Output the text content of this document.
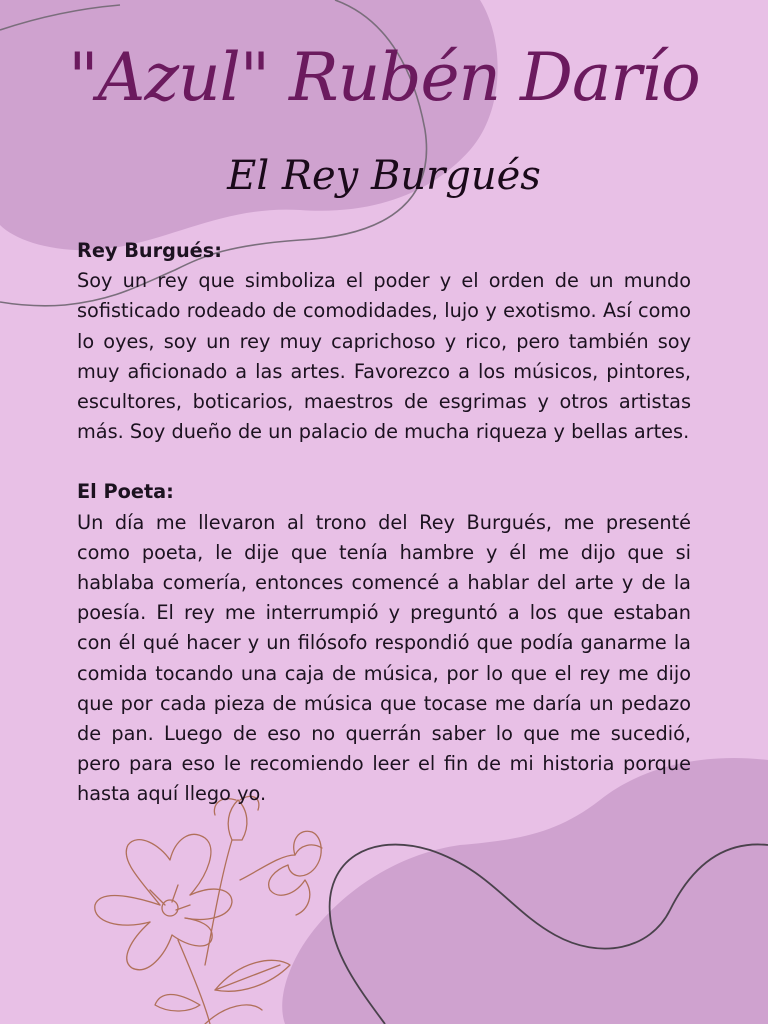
"Azul" Rubén Darío
El Rey Burgués

Rey Burgués:

Soy un rey que simboliza el poder y el orden de un mundo sofisticado rodeado de comodidades, lujo y exotismo. Así como lo oyes, soy un rey muy caprichoso y rico, pero también soy muy aficionado a las artes. Favorezco a los músicos, pintores, escultores, boticarios, maestros de esgrimas y otros artistas más. Soy dueño de un palacio de mucha riqueza y bellas artes.

El Poeta:

Un día me llevaron al trono del Rey Burgués, me presenté como poeta, le dije que tenía hambre y él me dijo que si hablaba comería, entonces comencé a hablar del arte y de la poesía. El rey me interrumpió y preguntó a los que estaban con él qué hacer y un filósofo respondió que podía ganarme la comida tocando una caja de música, por lo que el rey me dijo que por cada pieza de música que tocase me daría un pedazo de pan. Luego de eso no querrán saber lo que me sucedió, pero para eso le recomiendo leer el fin de mi historia porque hasta aquí llego yo.
